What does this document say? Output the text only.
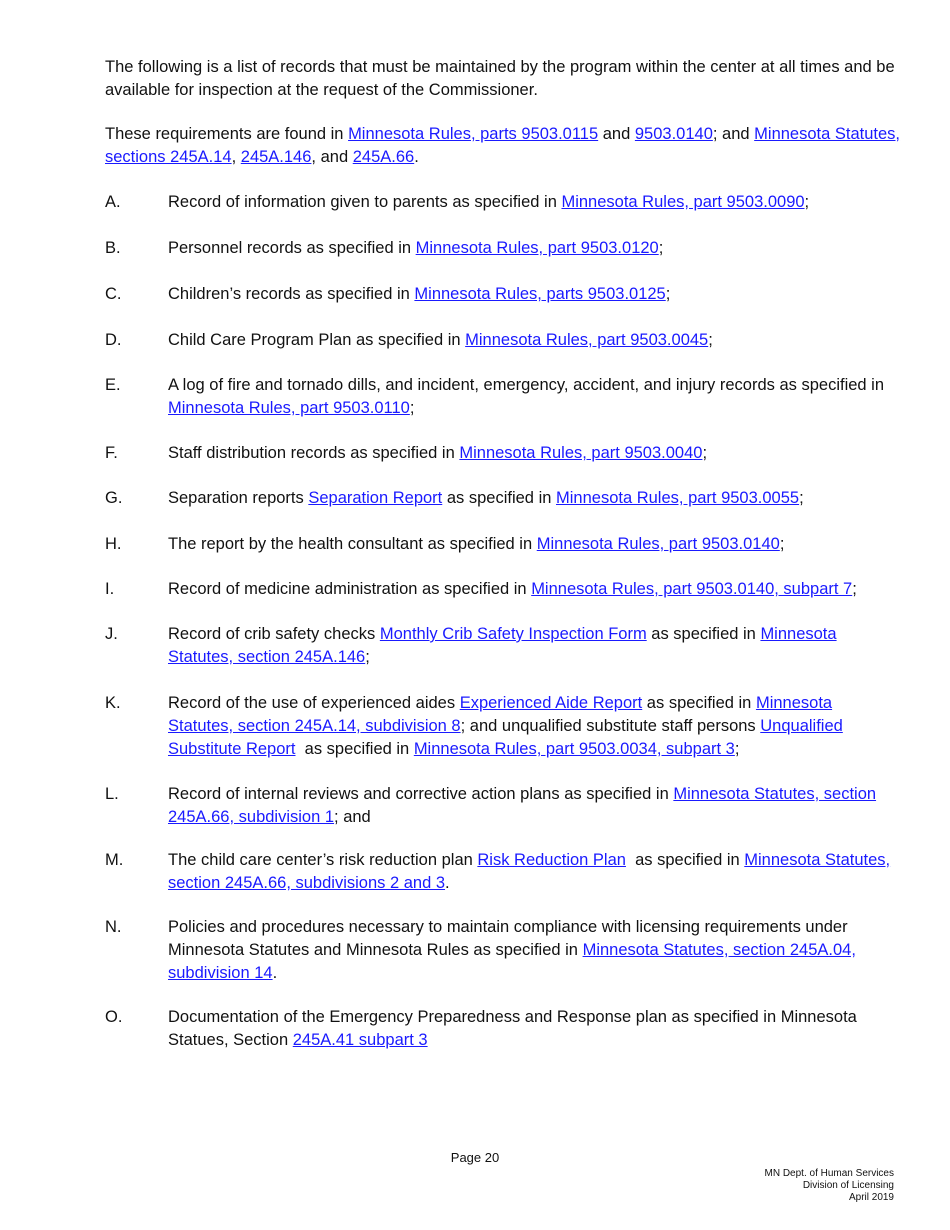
The following is a list of records that must be maintained by the program within the center at all times and be available for inspection at the request of the Commissioner.

These requirements are found in Minnesota Rules, parts 9503.0115 and 9503.0140; and Minnesota Statutes, sections 245A.14, 245A.146, and 245A.66.

A.	Record of information given to parents as specified in Minnesota Rules, part 9503.0090;
B.	Personnel records as specified in Minnesota Rules, part 9503.0120;
C.	Children’s records as specified in Minnesota Rules, parts 9503.0125;
D.	Child Care Program Plan as specified in Minnesota Rules, part 9503.0045;
E.	A log of fire and tornado dills, and incident, emergency, accident, and injury records as specified in Minnesota Rules, part 9503.0110;
F.	Staff distribution records as specified in Minnesota Rules, part 9503.0040;
G.	Separation reports Separation Report as specified in Minnesota Rules, part 9503.0055;
H.	The report by the health consultant as specified in Minnesota Rules, part 9503.0140;
I.	Record of medicine administration as specified in Minnesota Rules, part 9503.0140, subpart 7;
J.	Record of crib safety checks Monthly Crib Safety Inspection Form as specified in Minnesota Statutes, section 245A.146;
K.	Record of the use of experienced aides Experienced Aide Report as specified in Minnesota Statutes, section 245A.14, subdivision 8; and unqualified substitute staff persons Unqualified Substitute Report  as specified in Minnesota Rules, part 9503.0034, subpart 3;
L.	Record of internal reviews and corrective action plans as specified in Minnesota Statutes, section 245A.66, subdivision 1; and
M.	The child care center’s risk reduction plan Risk Reduction Plan  as specified in Minnesota Statutes, section 245A.66, subdivisions 2 and 3.
N.	Policies and procedures necessary to maintain compliance with licensing requirements under Minnesota Statutes and Minnesota Rules as specified in Minnesota Statutes, section 245A.04, subdivision 14.
O.	Documentation of the Emergency Preparedness and Response plan as specified in Minnesota Statues, Section 245A.41 subpart 3
Page 20
MN Dept. of Human Services
Division of Licensing
April 2019
